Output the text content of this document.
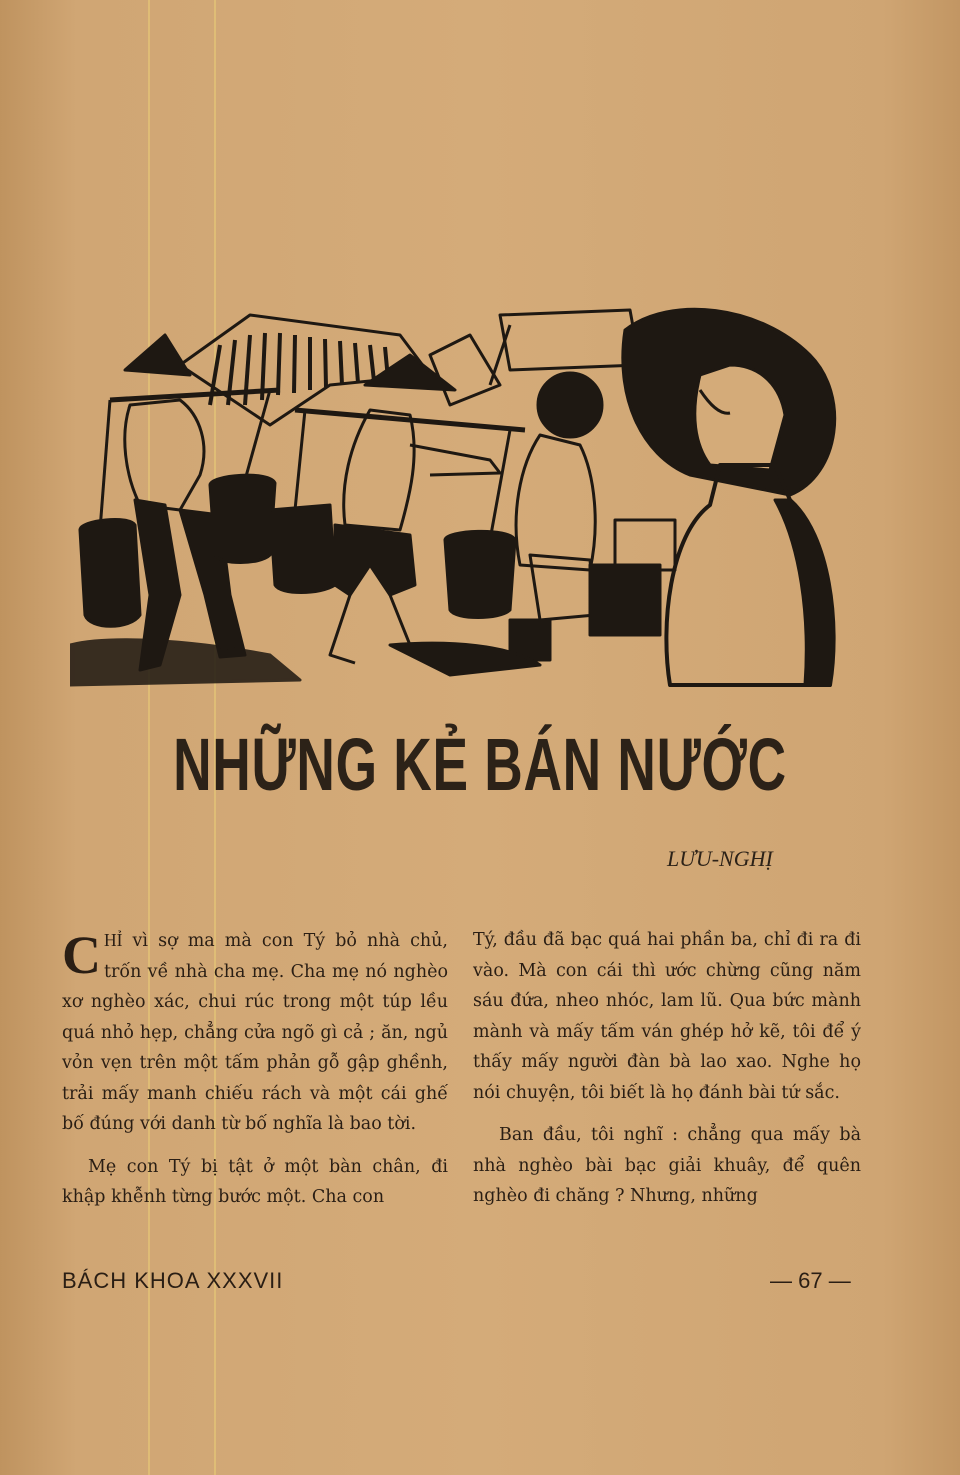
NHỮNG KẺ BÁN NƯỚC
LƯU-NGHỊ

CHỈ vì sợ ma mà con Tý bỏ nhà chủ, trốn về nhà cha mẹ. Cha mẹ nó nghèo xơ nghèo xác, chui rúc trong một túp lều quá nhỏ hẹp, chẳng cửa ngõ gì cả ; ăn, ngủ vỏn vẹn trên một tấm phản gỗ gập ghềnh, trải mấy manh chiếu rách và một cái ghế bố đúng với danh từ bố nghĩa là bao tời.

Mẹ con Tý bị tật ở một bàn chân, đi khập khễnh từng bước một. Cha con

Tý, đầu đã bạc quá hai phần ba, chỉ đi ra đi vào. Mà con cái thì ước chừng cũng năm sáu đứa, nheo nhóc, lam lũ. Qua bức mành mành và mấy tấm ván ghép hở kẽ, tôi để ý thấy mấy người đàn bà lao xao. Nghe họ nói chuyện, tôi biết là họ đánh bài tứ sắc.

Ban đầu, tôi nghĩ : chẳng qua mấy bà nhà nghèo bài bạc giải khuây, để quên nghèo đi chăng ? Nhưng, những

BÁCH KHOA XXXVII	— 67 —
